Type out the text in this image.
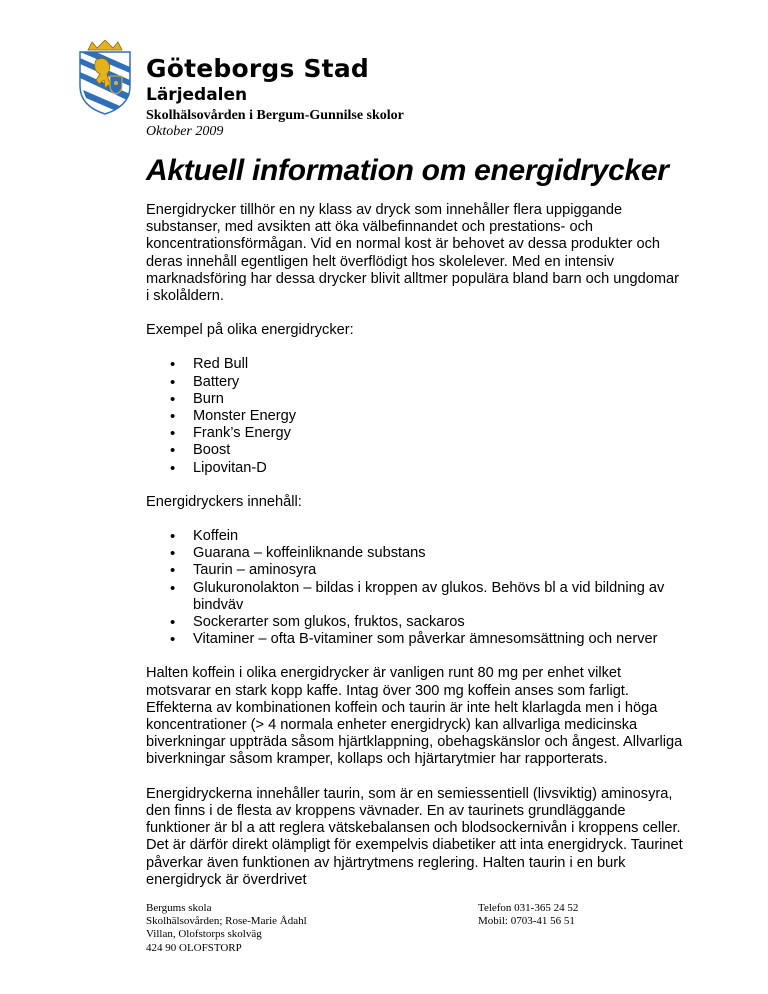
Göteborgs Stad
Lärjedalen
Skolhälsovården i Bergum-Gunnilse skolor
Oktober 2009
Aktuell information om energidrycker

Energidrycker tillhör en ny klass av dryck som innehåller flera uppiggande substanser, med avsikten att öka välbefinnandet och prestations- och koncentrationsförmågan. Vid en normal kost är behovet av dessa produkter och deras innehåll egentligen helt överflödigt hos skolelever. Med en intensiv marknadsföring har dessa drycker blivit alltmer populära bland barn och ungdomar i skolåldern.

Exempel på olika energidrycker:

• Red Bull
• Battery
• Burn
• Monster Energy
• Frank’s Energy
• Boost
• Lipovitan-D

Energidryckers innehåll:

• Koffein
• Guarana – koffeinliknande substans
• Taurin – aminosyra
• Glukuronolakton – bildas i kroppen av glukos. Behövs bl a vid bildning av bindväv
• Sockerarter som glukos, fruktos, sackaros
• Vitaminer – ofta B-vitaminer som påverkar ämnesomsättning och nerver

Halten koffein i olika energidrycker är vanligen runt 80 mg per enhet vilket motsvarar en stark kopp kaffe. Intag över 300 mg koffein anses som farligt. Effekterna av kombinationen koffein och taurin är inte helt klarlagda men i höga koncentrationer (> 4 normala enheter energidryck) kan allvarliga medicinska biverkningar uppträda såsom hjärtklappning, obehagskänslor och ångest. Allvarliga biverkningar såsom kramper, kollaps och hjärtarytmier har rapporterats.

Energidryckerna innehåller taurin, som är en semiessentiell (livsviktig) aminosyra, den finns i de flesta av kroppens vävnader. En av taurinets grundläggande funktioner är bl a att reglera vätskebalansen och blodsockernivån i kroppens celler. Det är därför direkt olämpligt för exempelvis diabetiker att inta energidryck. Taurinet påverkar även funktionen av hjärtrytmens reglering. Halten taurin i en burk energidryck är överdrivet

Bergums skola
Skolhälsovården; Rose-Marie Ådahl
Villan, Olofstorps skolväg
424 90 OLOFSTORP
Telefon 031-365 24 52
Mobil: 0703-41 56 51
